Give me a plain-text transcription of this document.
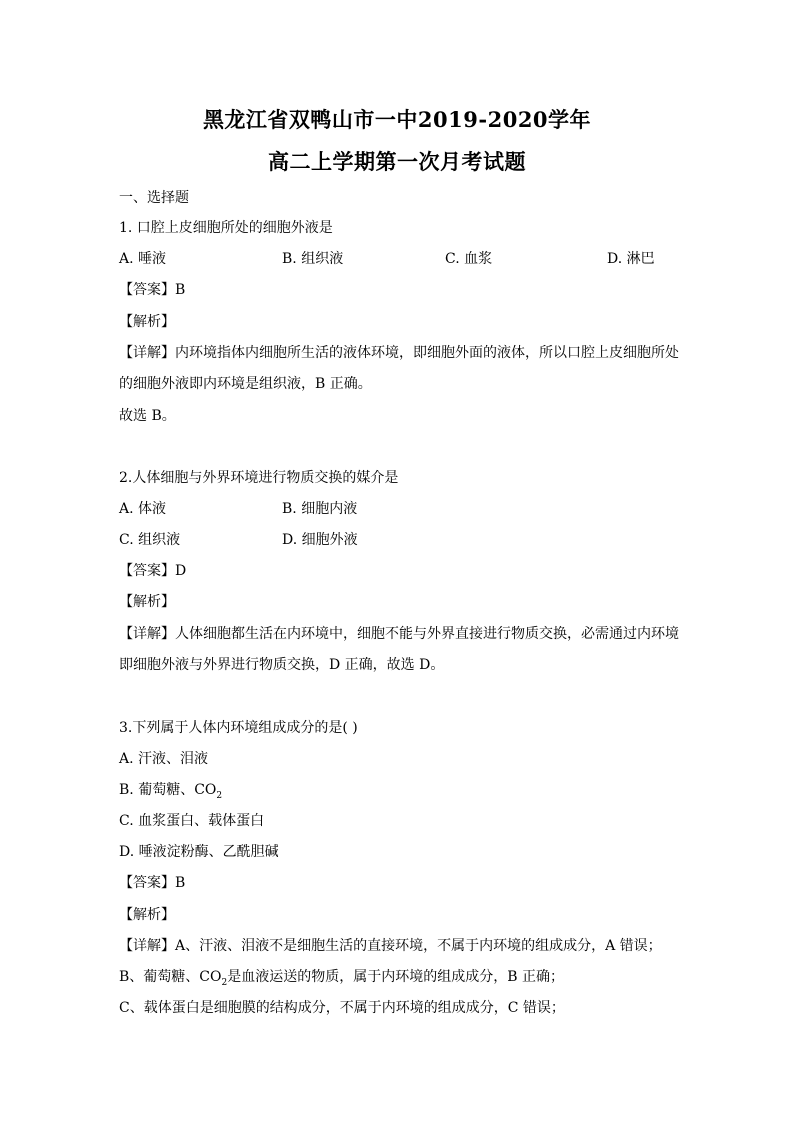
黑龙江省双鸭山市一中2019-2020学年
高二上学期第一次月考试题
一、选择题
1. 口腔上皮细胞所处的细胞外液是
A. 唾液	B. 组织液	C. 血浆	D. 淋巴
【答案】B
【解析】
【详解】内环境指体内细胞所生活的液体环境，即细胞外面的液体，所以口腔上皮细胞所处
的细胞外液即内环境是组织液，B 正确。
故选 B。
2.人体细胞与外界环境进行物质交换的媒介是
A. 体液	B. 细胞内液
C. 组织液	D. 细胞外液
【答案】D
【解析】
【详解】人体细胞都生活在内环境中，细胞不能与外界直接进行物质交换，必需通过内环境
即细胞外液与外界进行物质交换，D 正确，故选 D。
3.下列属于人体内环境组成成分的是( )
A. 汗液、泪液
B. 葡萄糖、$CO_2$
C. 血浆蛋白、载体蛋白
D. 唾液淀粉酶、乙酰胆碱
【答案】B
【解析】
【详解】A、汗液、泪液不是细胞生活的直接环境，不属于内环境的组成成分，A 错误；
B、葡萄糖、$CO_2$是血液运送的物质，属于内环境的组成成分，B 正确；
C、载体蛋白是细胞膜的结构成分，不属于内环境的组成成分，C 错误；
